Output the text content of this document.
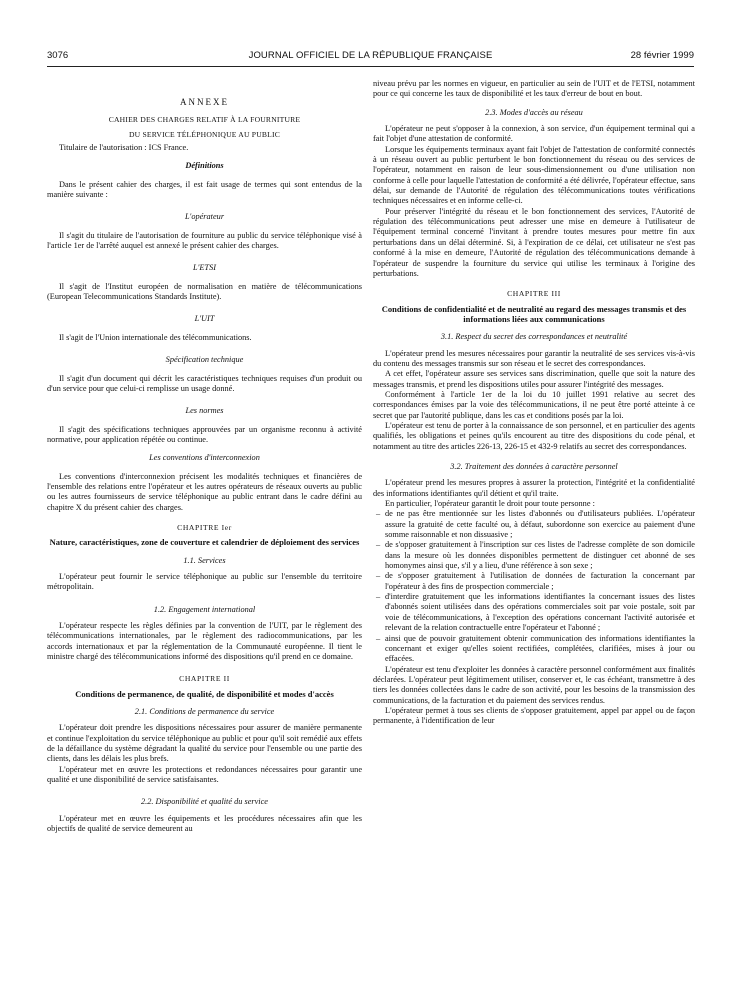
3076	JOURNAL OFFICIEL DE LA RÉPUBLIQUE FRANÇAISE	28 février 1999
ANNEXE
CAHIER DES CHARGES RELATIF À LA FOURNITURE
DU SERVICE TÉLÉPHONIQUE AU PUBLIC

Titulaire de l'autorisation : ICS France.

Définitions

Dans le présent cahier des charges, il est fait usage de termes qui sont entendus de la manière suivante :

L'opérateur

Il s'agit du titulaire de l'autorisation de fourniture au public du service téléphonique visé à l'article 1er de l'arrêté auquel est annexé le présent cahier des charges.

L'ETSI

Il s'agit de l'Institut européen de normalisation en matière de télécommunications (European Telecommunications Standards Institute).

L'UIT

Il s'agit de l'Union internationale des télécommunications.

Spécification technique

Il s'agit d'un document qui décrit les caractéristiques techniques requises d'un produit ou d'un service pour que celui-ci remplisse un usage donné.

Les normes

Il s'agit des spécifications techniques approuvées par un organisme reconnu à activité normative, pour application répétée ou continue.

Les conventions d'interconnexion

Les conventions d'interconnexion précisent les modalités techniques et financières de l'ensemble des relations entre l'opérateur et les autres opérateurs de réseaux ouverts au public ou les autres fournisseurs de service téléphonique au public entrant dans le cadre défini au chapitre X du présent cahier des charges.

CHAPITRE Ier
Nature, caractéristiques, zone de couverture et calendrier de déploiement des services
1.1. Services

L'opérateur peut fournir le service téléphonique au public sur l'ensemble du territoire métropolitain.

1.2. Engagement international

L'opérateur respecte les règles définies par la convention de l'UIT, par le règlement des télécommunications internationales, par le règlement des radiocommunications, par les accords internationaux et par la réglementation de la Communauté européenne. Il tient le ministre chargé des télécommunications informé des dispositions qu'il prend en ce domaine.

CHAPITRE II
Conditions de permanence, de qualité, de disponibilité et modes d'accès
2.1. Conditions de permanence du service

L'opérateur doit prendre les dispositions nécessaires pour assurer de manière permanente et continue l'exploitation du service téléphonique au public et pour qu'il soit remédié aux effets de la défaillance du système dégradant la qualité du service pour l'ensemble ou une partie des clients, dans les délais les plus brefs.

L'opérateur met en œuvre les protections et redondances nécessaires pour garantir une qualité et une disponibilité de service satisfaisantes.

2.2. Disponibilité et qualité du service

L'opérateur met en œuvre les équipements et les procédures nécessaires afin que les objectifs de qualité de service demeurent au

niveau prévu par les normes en vigueur, en particulier au sein de l'UIT et de l'ETSI, notamment pour ce qui concerne les taux de disponibilité et les taux d'erreur de bout en bout.

2.3. Modes d'accès au réseau

L'opérateur ne peut s'opposer à la connexion, à son service, d'un équipement terminal qui a fait l'objet d'une attestation de conformité.

Lorsque les équipements terminaux ayant fait l'objet de l'attestation de conformité connectés à un réseau ouvert au public perturbent le bon fonctionnement du réseau ou des services de l'opérateur, notamment en raison de leur sous-dimensionnement ou d'une utilisation non conforme à celle pour laquelle l'attestation de conformité a été délivrée, l'opérateur effectue, sans délai, sur demande de l'Autorité de régulation des télécommunications toutes vérifications techniques nécessaires et en informe celle-ci.

Pour préserver l'intégrité du réseau et le bon fonctionnement des services, l'Autorité de régulation des télécommunications peut adresser une mise en demeure à l'utilisateur de l'équipement terminal concerné l'invitant à prendre toutes mesures pour mettre fin aux perturbations dans un délai déterminé. Si, à l'expiration de ce délai, cet utilisateur ne s'est pas conformé à la mise en demeure, l'Autorité de régulation des télécommunications demande à l'opérateur de suspendre la fourniture du service qui utilise les terminaux à l'origine des perturbations.

CHAPITRE III
Conditions de confidentialité et de neutralité au regard des messages transmis et des informations liées aux communications
3.1. Respect du secret des correspondances et neutralité

L'opérateur prend les mesures nécessaires pour garantir la neutralité de ses services vis-à-vis du contenu des messages transmis sur son réseau et le secret des correspondances.

A cet effet, l'opérateur assure ses services sans discrimination, quelle que soit la nature des messages transmis, et prend les dispositions utiles pour assurer l'intégrité des messages.

Conformément à l'article 1er de la loi du 10 juillet 1991 relative au secret des correspondances émises par la voie des télécommunications, il ne peut être porté atteinte à ce secret que par l'autorité publique, dans les cas et conditions posés par la loi.

L'opérateur est tenu de porter à la connaissance de son personnel, et en particulier des agents qualifiés, les obligations et peines qu'ils encourent au titre des dispositions du code pénal, et notamment au titre des articles 226-13, 226-15 et 432-9 relatifs au secret des correspondances.

3.2. Traitement des données à caractère personnel

L'opérateur prend les mesures propres à assurer la protection, l'intégrité et la confidentialité des informations identifiantes qu'il détient et qu'il traite.

En particulier, l'opérateur garantit le droit pour toute personne :

– de ne pas être mentionnée sur les listes d'abonnés ou d'utilisateurs publiées. L'opérateur assure la gratuité de cette faculté ou, à défaut, subordonne son exercice au paiement d'une somme raisonnable et non dissuasive ;

– de s'opposer gratuitement à l'inscription sur ces listes de l'adresse complète de son domicile dans la mesure où les données disponibles permettent de distinguer cet abonné de ses homonymes ainsi que, s'il y a lieu, d'une référence à son sexe ;

– de s'opposer gratuitement à l'utilisation de données de facturation la concernant par l'opérateur à des fins de prospection commerciale ;

– d'interdire gratuitement que les informations identifiantes la concernant issues des listes d'abonnés soient utilisées dans des opérations commerciales soit par voie postale, soit par voie de télécommunications, à l'exception des opérations concernant l'activité autorisée et relevant de la relation contractuelle entre l'opérateur et l'abonné ;

– ainsi que de pouvoir gratuitement obtenir communication des informations identifiantes la concernant et exiger qu'elles soient rectifiées, complétées, clarifiées, mises à jour ou effacées.

L'opérateur est tenu d'exploiter les données à caractère personnel conformément aux finalités déclarées. L'opérateur peut légitimement utiliser, conserver et, le cas échéant, transmettre à des tiers les données collectées dans le cadre de son activité, pour les besoins de la transmission des communications, de la facturation et du paiement des services rendus.

L'opérateur permet à tous ses clients de s'opposer gratuitement, appel par appel ou de façon permanente, à l'identification de leur
